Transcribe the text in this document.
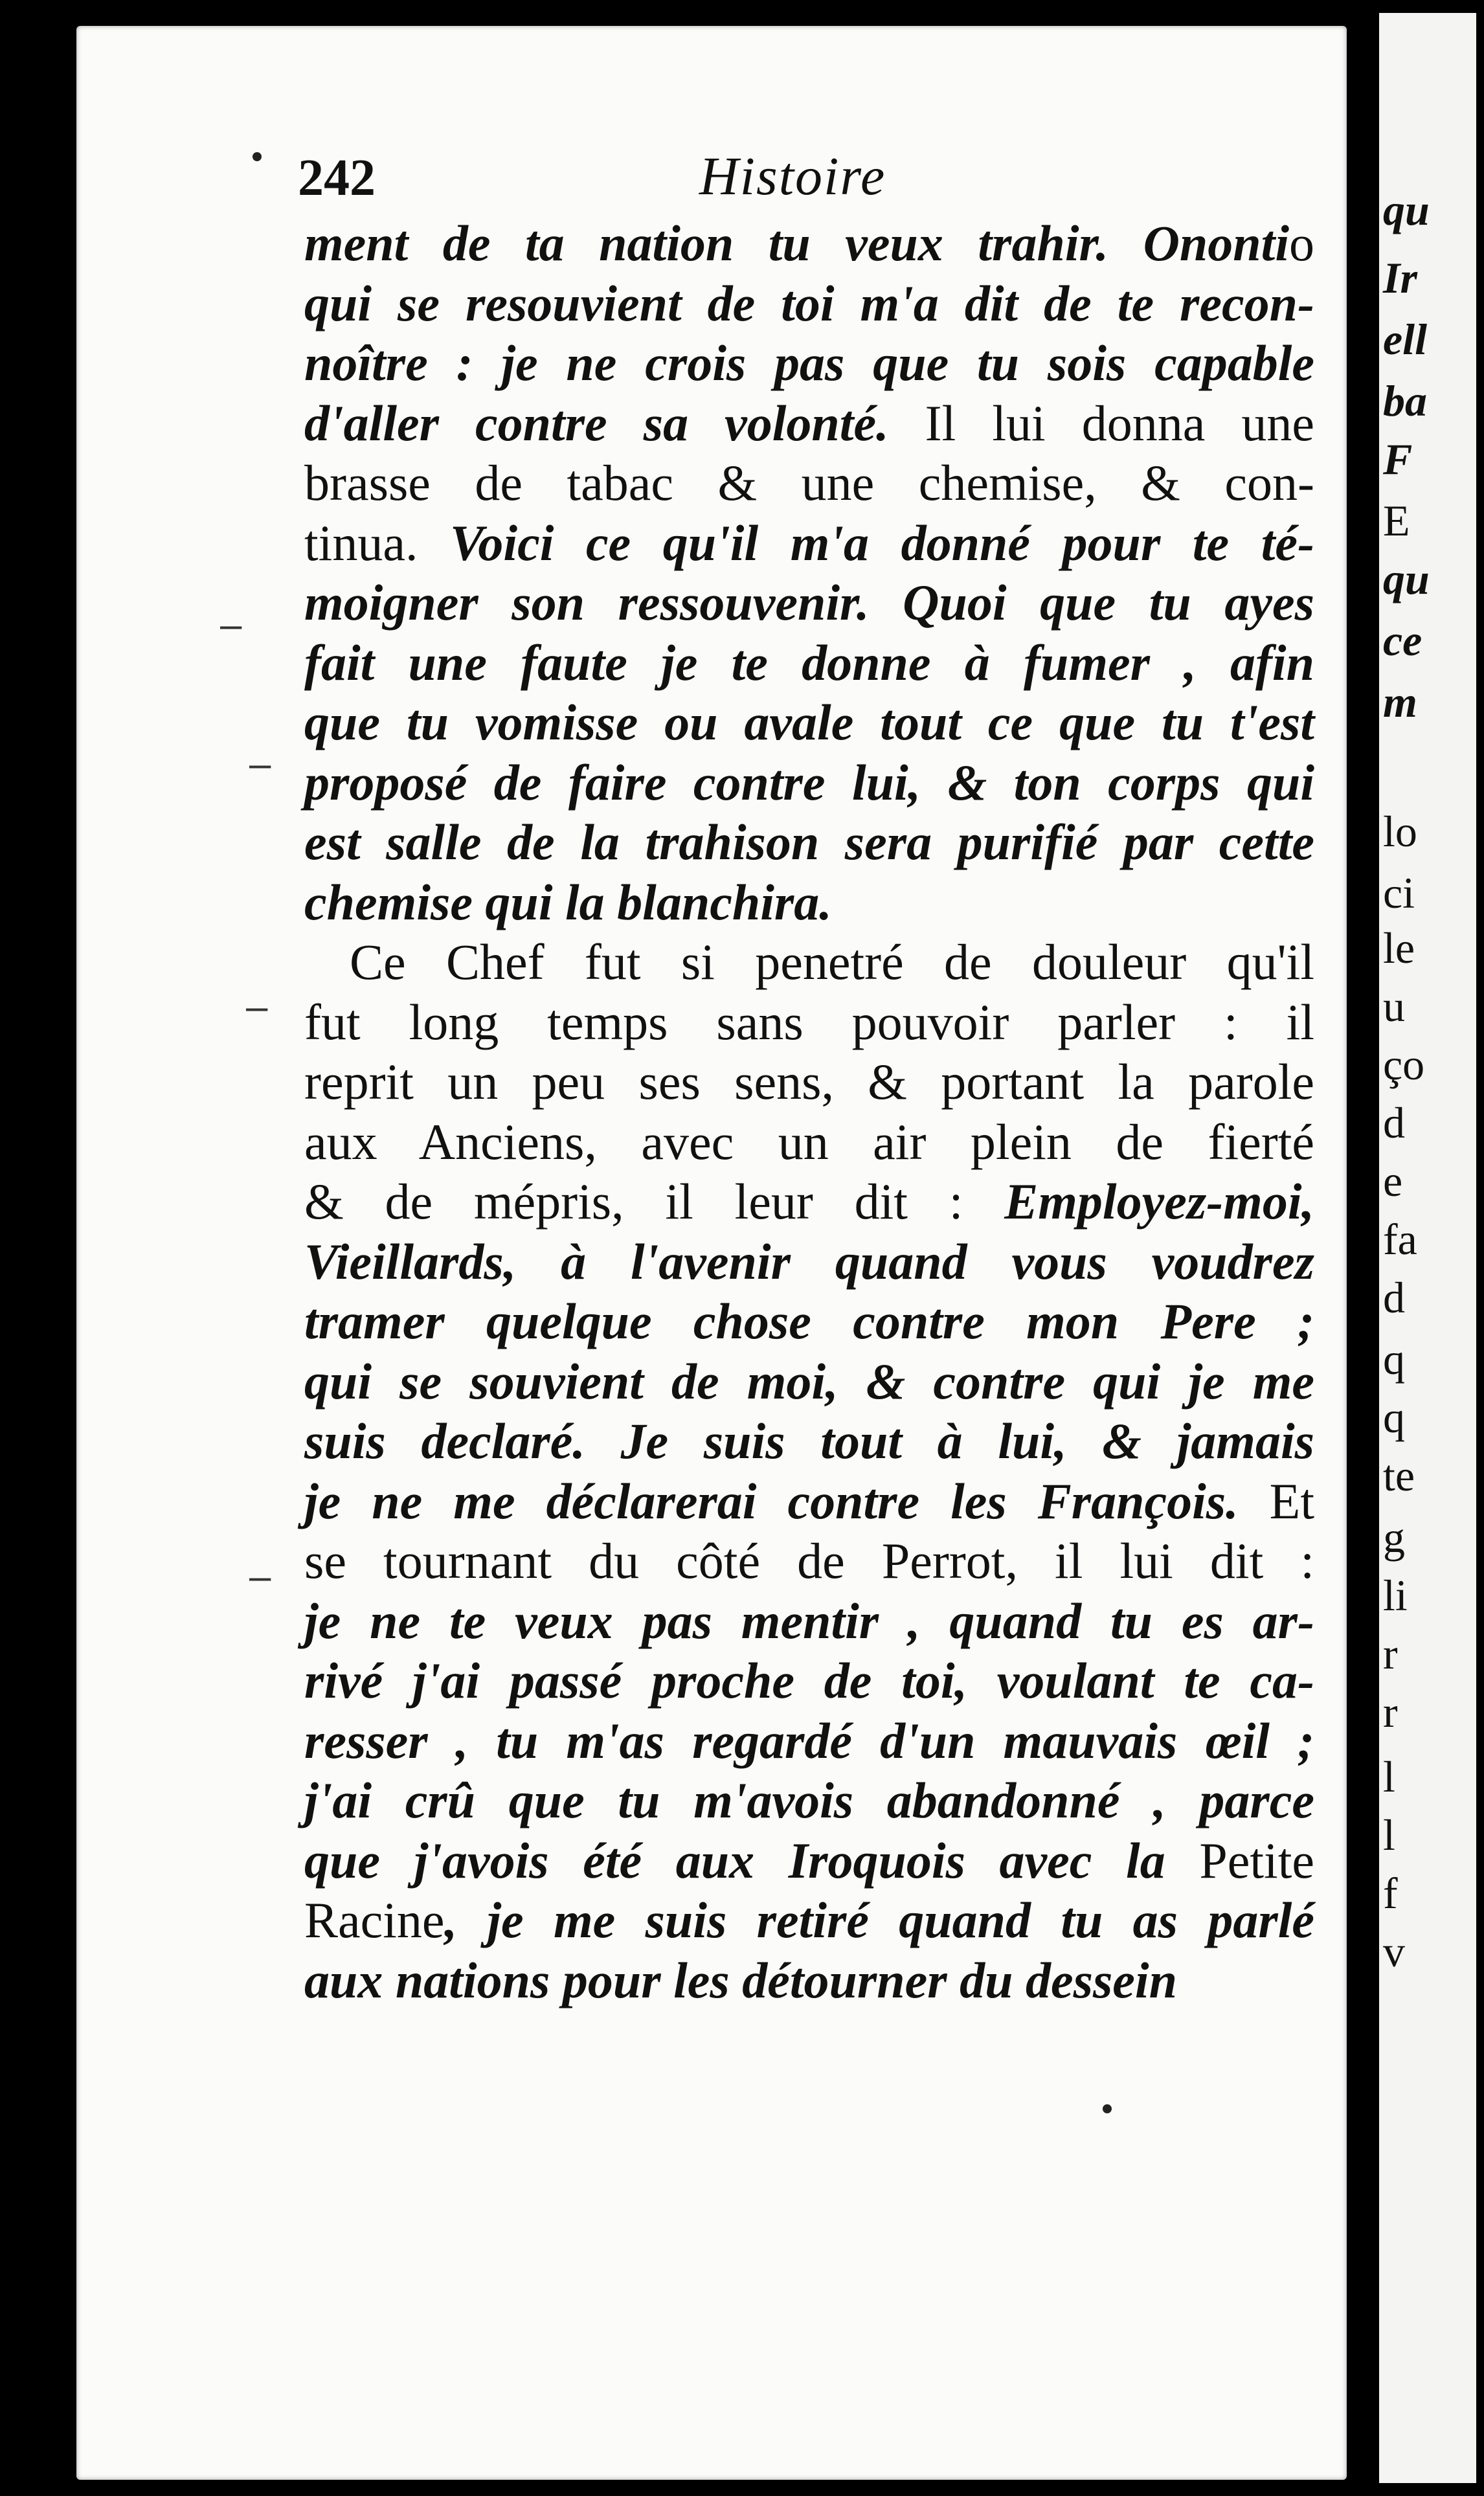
qu
Ir
ell
ba
F
E
qu
ce
m
lo
ci
le
u
ço
d
e
fa
d
q
q
te
g
li
r
r
l
l
f
v
242	Histoire
ment de ta nation tu veux trahir. Onontio
qui se resouvient de toi m'a dit de te recon-
noître : je ne crois pas que tu sois capable
d'aller contre sa volonté. Il lui donna une
brasse de tabac & une chemise, & con-
tinua. Voici ce qu'il m'a donné pour te té-
moigner son ressouvenir. Quoi que tu ayes
fait une faute je te donne à fumer , afin
que tu vomisse ou avale tout ce que tu t'est
proposé de faire contre lui, & ton corps qui
est salle de la trahison sera purifié par cette
chemise qui la blanchira.
Ce Chef fut si penetré de douleur qu'il
fut long temps sans pouvoir parler : il
reprit un peu ses sens, & portant la parole
aux Anciens, avec un air plein de fierté
& de mépris, il leur dit : Employez-moi,
Vieillards, à l'avenir quand vous voudrez
tramer quelque chose contre mon Pere ;
qui se souvient de moi, & contre qui je me
suis declaré. Je suis tout à lui, & jamais
je ne me déclarerai contre les François. Et
se tournant du côté de Perrot, il lui dit :
je ne te veux pas mentir , quand tu es ar-
rivé j'ai passé proche de toi, voulant te ca-
resser , tu m'as regardé d'un mauvais œil ;
j'ai crû que tu m'avois abandonné , parce
que j'avois été aux Iroquois avec la Petite
Racine, je me suis retiré quand tu as parlé
aux nations pour les détourner du dessein
–
–
–
–
